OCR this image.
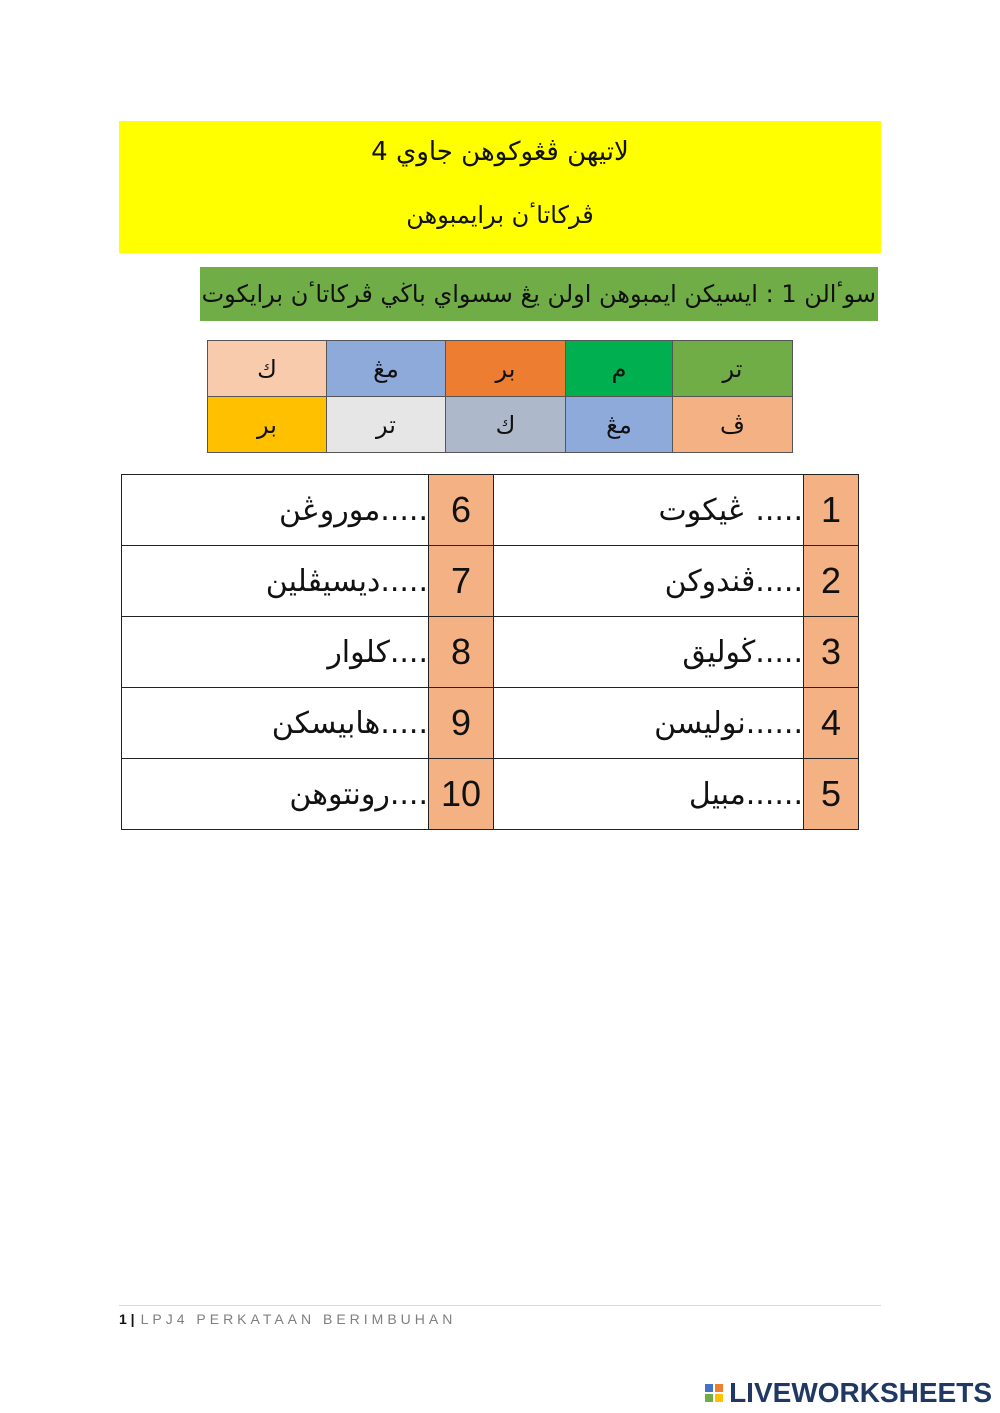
لاتيهن ڤڠوكوهن جاوي 4
ڤركاتاٴن برايمبوهن
سوٴالن 1 : ايسيكن ايمبوهن اولن يڠ سسواي باڬي ڤركاتاٴن برايكوت
ك	مڠ	بر	م	تر
بر	تر	ك	مڠ	ڤ
.....موروڠن	6	..... ڠيكوت	1
.....ديسيڤلين	7	.....ڤندوكن	2
....كلوار	8	.....ڬوليق	3
.....هابيسكن	9	......نوليسن	4
....رونتوهن	10	......مبيل	5
1 | LPJ4 PERKATAAN BERIMBUHAN
LIVEWORKSHEETS
